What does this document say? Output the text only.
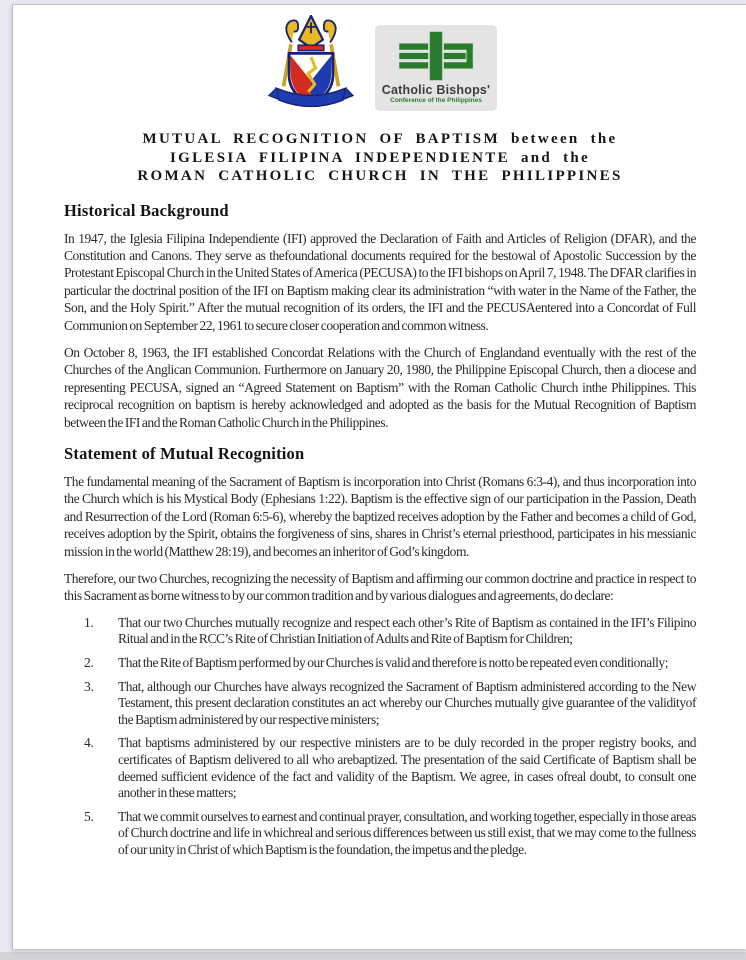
Catholic Bishops'
Conference of the Philippines
MUTUAL RECOGNITION OF BAPTISM between the
IGLESIA FILIPINA INDEPENDIENTE and the
ROMAN CATHOLIC CHURCH IN THE PHILIPPINES
Historical Background

In 1947, the Iglesia Filipina Independiente (IFI) approved the Declaration of Faith and Articles of Religion (DFAR), and the Constitution and Canons. They serve as thefoundational documents required for the bestowal of Apostolic Succession by the Protestant Episcopal Church in the United States of America (PECUSA) to the IFI bishops on April 7, 1948. The DFAR clarifies in particular the doctrinal position of the IFI on Baptism making clear its administration “with water in the Name of the Father, the Son, and the Holy Spirit.” After the mutual recognition of its orders, the IFI and the PECUSAentered into a Concordat of Full Communion on September 22, 1961 to secure closer cooperation and common witness.

On October 8, 1963, the IFI established Concordat Relations with the Church of Englandand eventually with the rest of the Churches of the Anglican Communion. Furthermore on January 20, 1980, the Philippine Episcopal Church, then a diocese and representing PECUSA, signed an “Agreed Statement on Baptism” with the Roman Catholic Church inthe Philippines. This reciprocal recognition on baptism is hereby acknowledged and adopted as the basis for the Mutual Recognition of Baptism between the IFI and the Roman Catholic Church in the Philippines.

Statement of Mutual Recognition

The fundamental meaning of the Sacrament of Baptism is incorporation into Christ (Romans 6:3-4), and thus incorporation into the Church which is his Mystical Body (Ephesians 1:22). Baptism is the effective sign of our participation in the Passion, Death and Resurrection of the Lord (Roman 6:5-6), whereby the baptized receives adoption by the Father and becomes a child of God, receives adoption by the Spirit, obtains the forgiveness of sins, shares in Christ’s eternal priesthood, participates in his messianic mission in the world (Matthew 28:19), and becomes an inheritor of God’s kingdom.

Therefore, our two Churches, recognizing the necessity of Baptism and affirming our common doctrine and practice in respect to this Sacrament as borne witness to by our common tradition and by various dialogues and agreements, do declare:

1.	That our two Churches mutually recognize and respect each other’s Rite of Baptism as contained in the IFI’s Filipino Ritual and in the RCC’s Rite of Christian Initiation of Adults and Rite of Baptism for Children;
2.	That the Rite of Baptism performed by our Churches is valid and therefore is notto be repeated even conditionally;
3.	That, although our Churches have always recognized the Sacrament of Baptism administered according to the New Testament, this present declaration constitutes an act whereby our Churches mutually give guarantee of the validityof the Baptism administered by our respective ministers;
4.	That baptisms administered by our respective ministers are to be duly recorded in the proper registry books, and certificates of Baptism delivered to all who arebaptized. The presentation of the said Certificate of Baptism shall be deemed sufficient evidence of the fact and validity of the Baptism. We agree, in cases ofreal doubt, to consult one another in these matters;
5.	That we commit ourselves to earnest and continual prayer, consultation, and working together, especially in those areas of Church doctrine and life in whichreal and serious differences between us still exist, that we may come to the fullness of our unity in Christ of which Baptism is the foundation, the impetus and the pledge.
